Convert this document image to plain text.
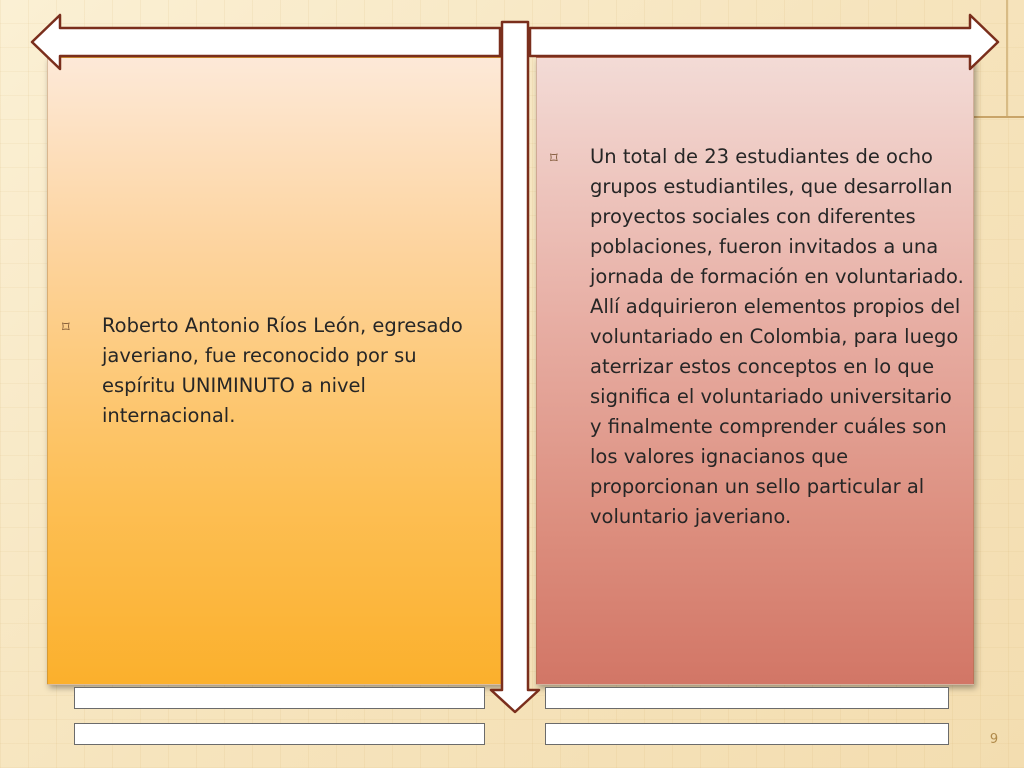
⌑ Roberto Antonio Ríos León, egresado javeriano, fue reconocido por su espíritu UNIMINUTO a nivel internacional.
⌑ Un total de 23 estudiantes de ocho grupos estudiantiles, que desarrollan proyectos sociales con diferentes poblaciones, fueron invitados a una jornada de formación en voluntariado. Allí adquirieron elementos propios del voluntariado en Colombia, para luego aterrizar estos conceptos en lo que significa el voluntariado universitario y finalmente comprender cuáles son los valores ignacianos que proporcionan un sello particular al voluntario javeriano.
9
